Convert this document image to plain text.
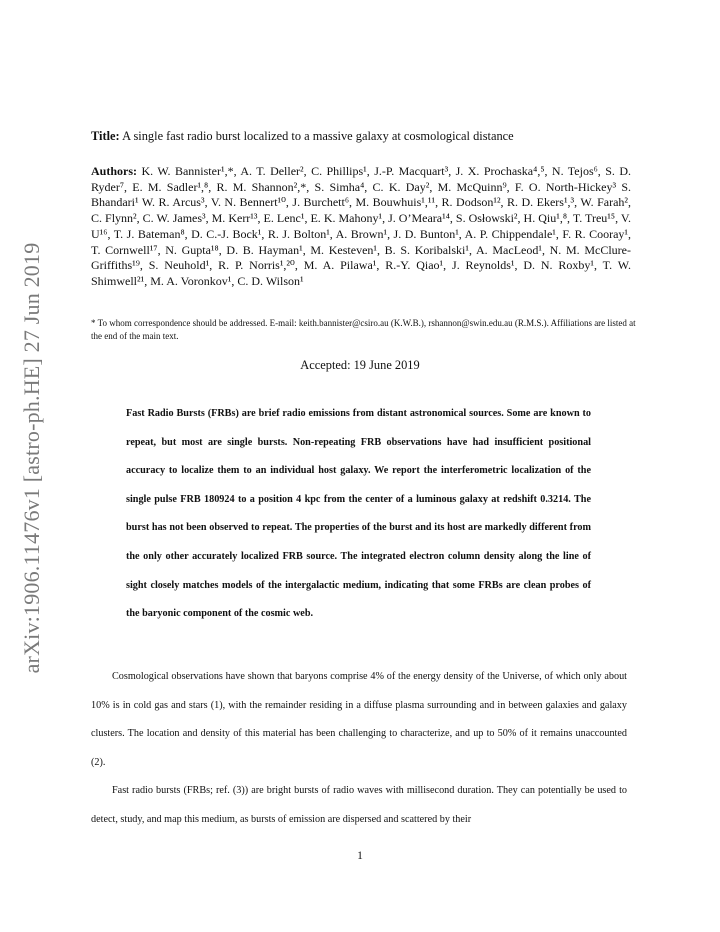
arXiv:1906.11476v1 [astro-ph.HE] 27 Jun 2019
Title: A single fast radio burst localized to a massive galaxy at cosmological distance
Authors: K. W. Bannister¹,*, A. T. Deller², C. Phillips¹, J.-P. Macquart³, J. X. Prochaska⁴,⁵, N. Tejos⁶, S. D. Ryder⁷, E. M. Sadler¹,⁸, R. M. Shannon²,*, S. Simha⁴, C. K. Day², M. McQuinn⁹, F. O. North-Hickey³ S. Bhandari¹ W. R. Arcus³, V. N. Bennert¹⁰, J. Burchett⁶, M. Bouwhuis¹,¹¹, R. Dodson¹², R. D. Ekers¹,³, W. Farah², C. Flynn², C. W. James³, M. Kerr¹³, E. Lenc¹, E. K. Mahony¹, J. O’Meara¹⁴, S. Osłowski², H. Qiu¹,⁸, T. Treu¹⁵, V. U¹⁶, T. J. Bateman⁸, D. C.-J. Bock¹, R. J. Bolton¹, A. Brown¹, J. D. Bunton¹, A. P. Chippendale¹, F. R. Cooray¹, T. Cornwell¹⁷, N. Gupta¹⁸, D. B. Hayman¹, M. Kesteven¹, B. S. Koribalski¹, A. MacLeod¹, N. M. McClure-Griffiths¹⁹, S. Neuhold¹, R. P. Norris¹,²⁰, M. A. Pilawa¹, R.-Y. Qiao¹, J. Reynolds¹, D. N. Roxby¹, T. W. Shimwell²¹, M. A. Voronkov¹, C. D. Wilson¹
* To whom correspondence should be addressed. E-mail: keith.bannister@csiro.au (K.W.B.), rshannon@swin.edu.au (R.M.S.). Affiliations are listed at the end of the main text.
Accepted: 19 June 2019
Fast Radio Bursts (FRBs) are brief radio emissions from distant astronomical sources. Some are known to repeat, but most are single bursts. Non-repeating FRB observations have had insufficient positional accuracy to localize them to an individual host galaxy. We report the interferometric localization of the single pulse FRB 180924 to a position 4 kpc from the center of a luminous galaxy at redshift 0.3214. The burst has not been observed to repeat. The properties of the burst and its host are markedly different from the only other accurately localized FRB source. The integrated electron column density along the line of sight closely matches models of the intergalactic medium, indicating that some FRBs are clean probes of the baryonic component of the cosmic web.

Cosmological observations have shown that baryons comprise 4% of the energy density of the Universe, of which only about 10% is in cold gas and stars (1), with the remainder residing in a diffuse plasma surrounding and in between galaxies and galaxy clusters. The location and density of this material has been challenging to characterize, and up to 50% of it remains unaccounted (2).

Fast radio bursts (FRBs; ref. (3)) are bright bursts of radio waves with millisecond duration. They can potentially be used to detect, study, and map this medium, as bursts of emission are dispersed and scattered by their

1
